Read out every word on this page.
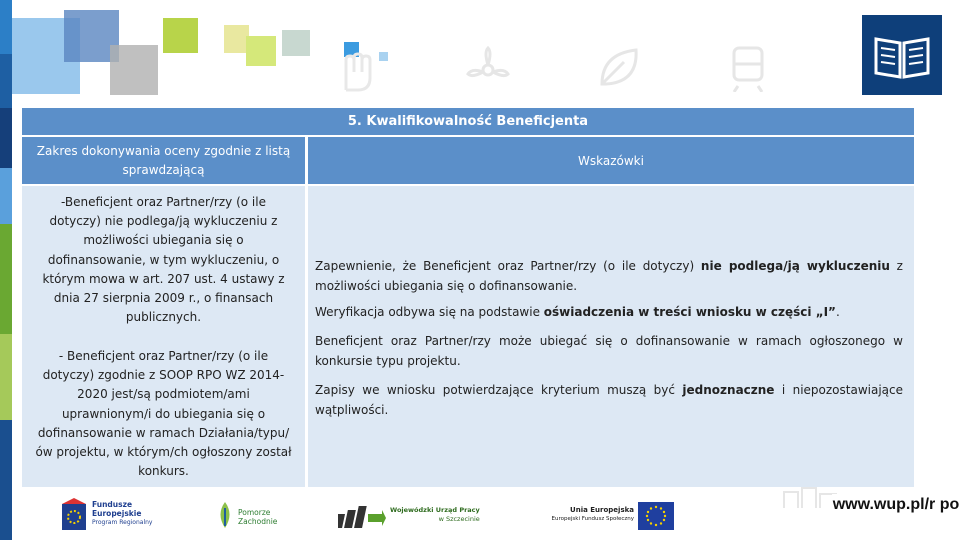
5. Kwalifikowalność Beneficjenta
Zakres dokonywania oceny zgodnie z listą sprawdzającą
Wskazówki

-Beneficjent oraz Partner/rzy (o ile dotyczy) nie podlega/ją wykluczeniu z możliwości ubiegania się o dofinansowanie, w tym wykluczeniu, o którym mowa w art. 207 ust. 4 ustawy z dnia 27 sierpnia 2009 r., o finansach publicznych.

- Beneficjent oraz Partner/rzy (o ile dotyczy) zgodnie z SOOP RPO WZ 2014-2020 jest/są podmiotem/ami uprawnionym/i do ubiegania się o dofinansowanie w ramach Działania/typu/ów projektu, w którym/ch ogłoszony został konkurs.

Zapewnienie, że Beneficjent oraz Partner/rzy (o ile dotyczy) nie podlega/ją wykluczeniu z możliwości ubiegania się o dofinansowanie.

Weryfikacja odbywa się na podstawie oświadczenia w treści wniosku w części „I”.

Beneficjent oraz Partner/rzy może ubiegać się o dofinansowanie w ramach ogłoszonego w konkursie typu projektu.

Zapisy we wniosku potwierdzające kryterium muszą być jednoznaczne i niepozostawiające wątpliwości.

Fundusze
Europejskie
Program Regionalny
Pomorze
Zachodnie
Wojewódzki Urząd Pracy
w Szczecinie
Unia Europejska
Europejski Fundusz Społeczny
www.wup.pl/r po
